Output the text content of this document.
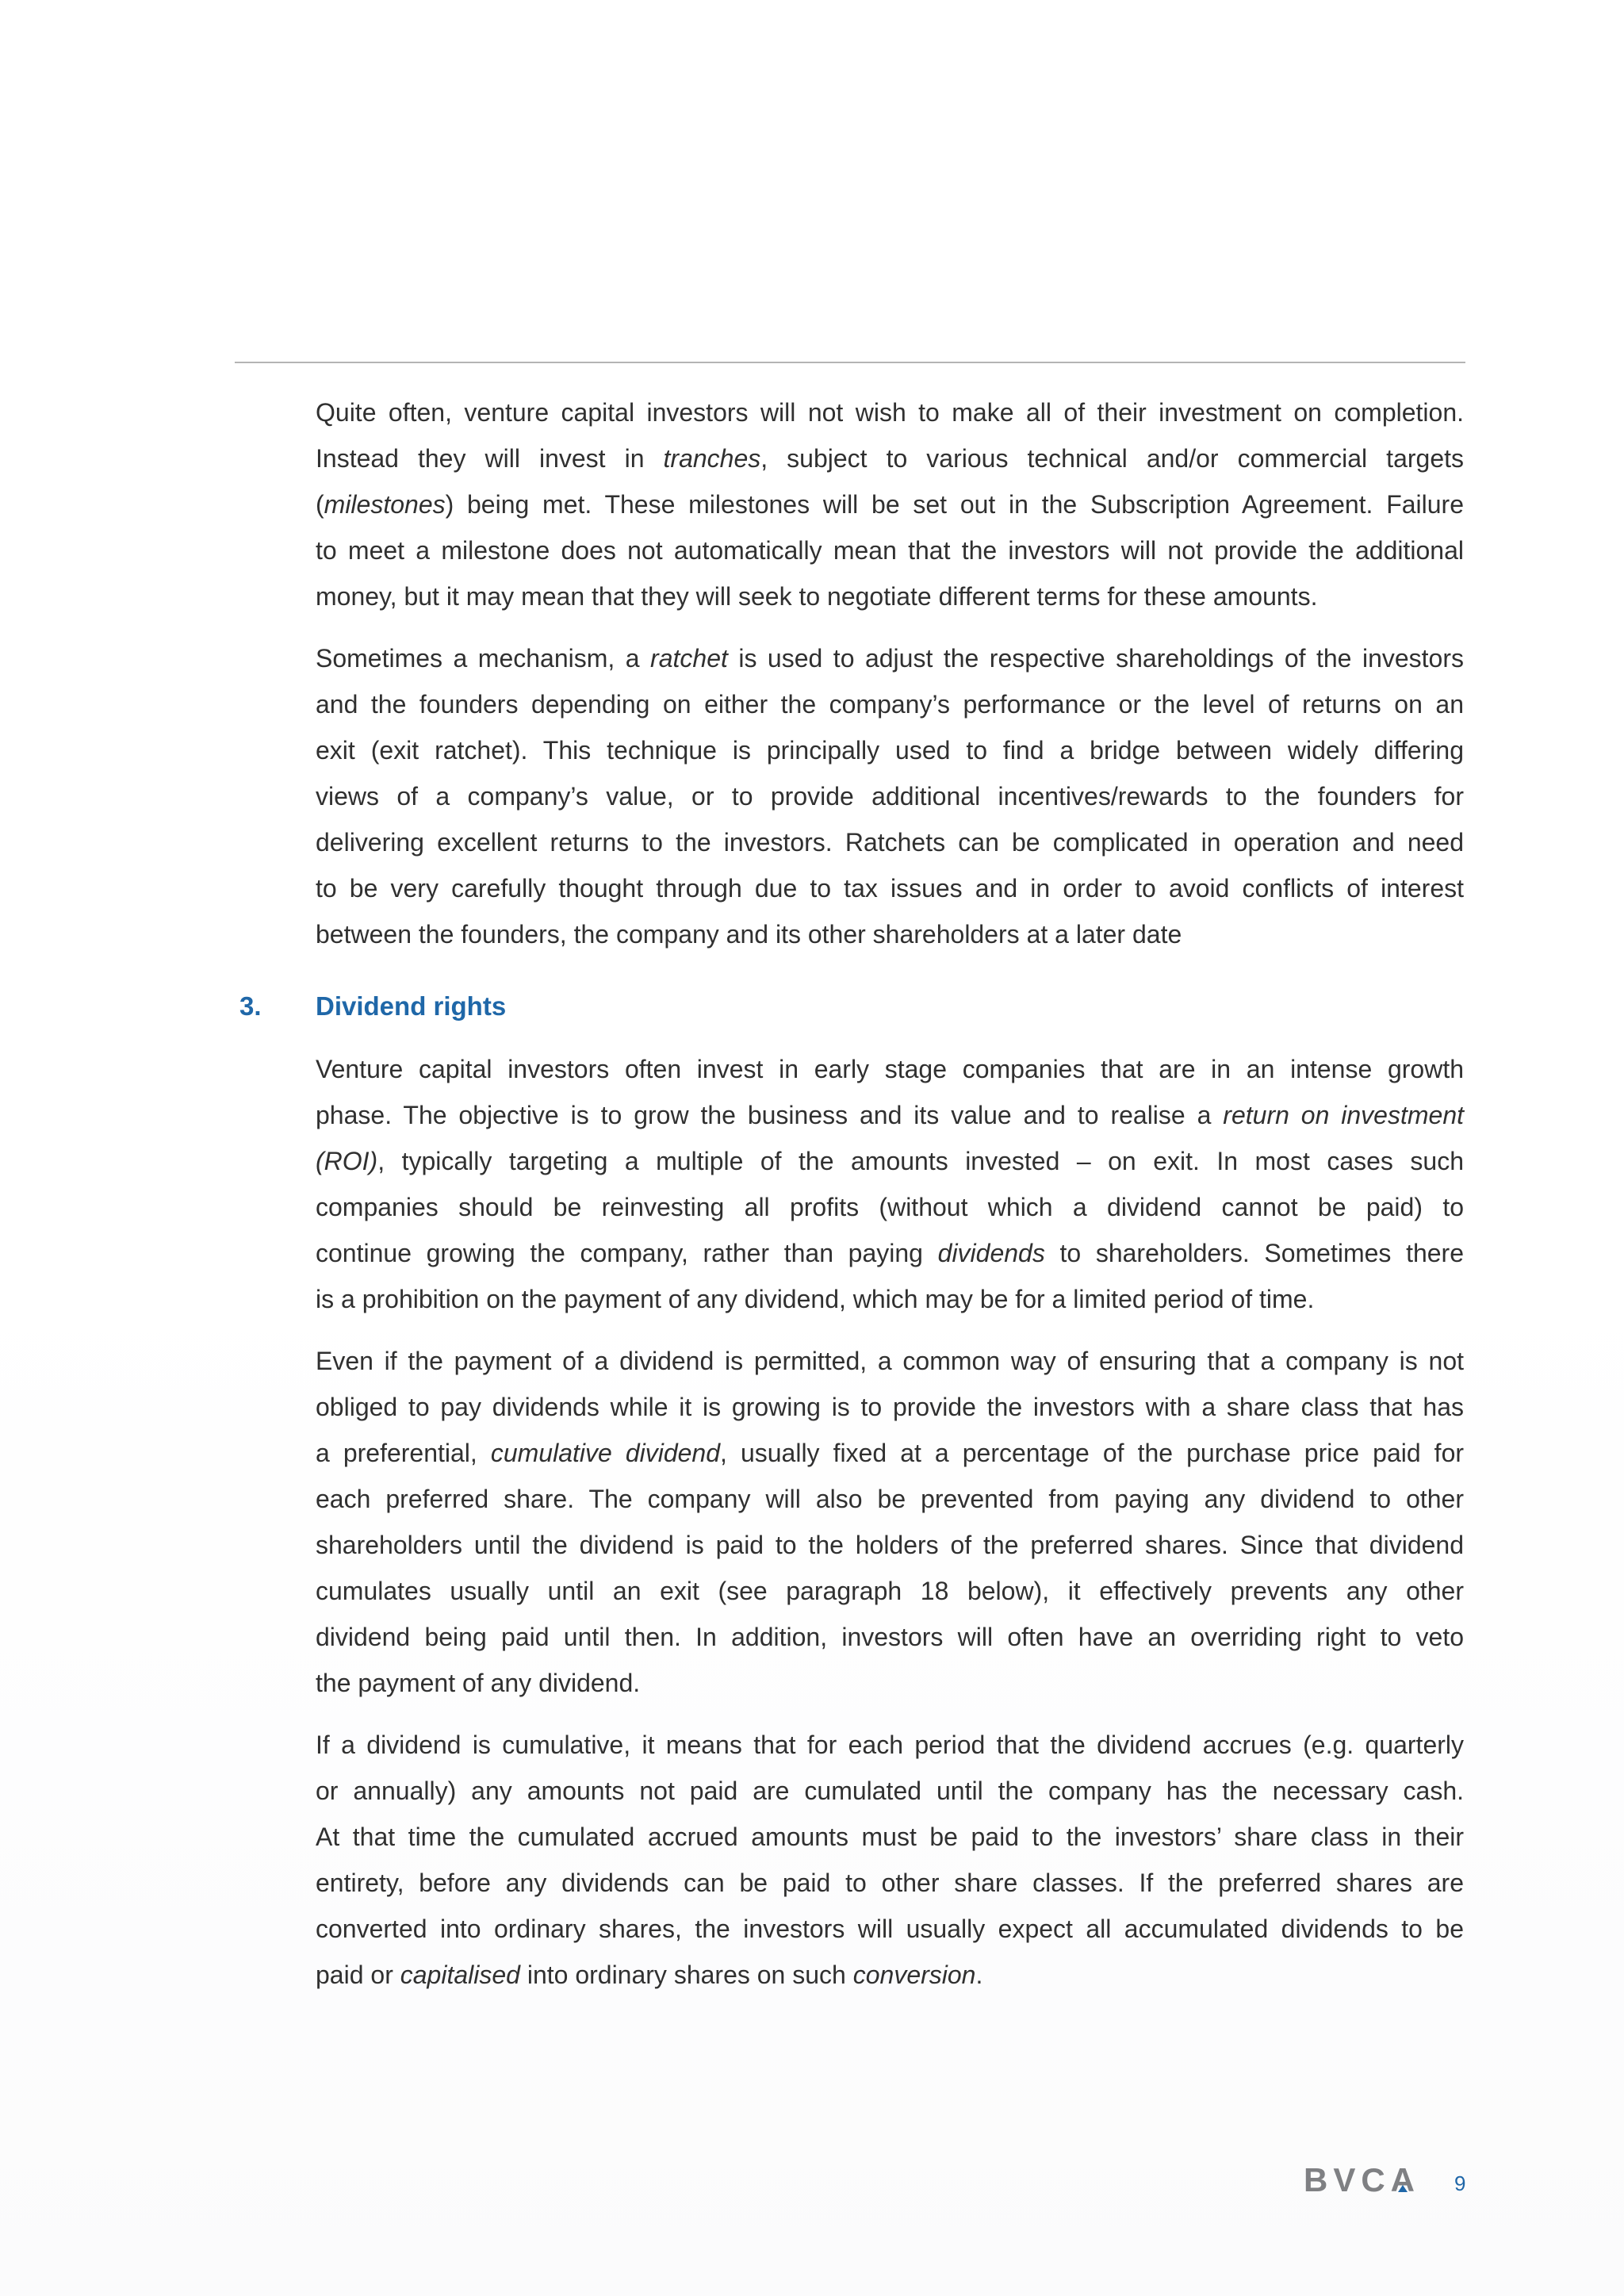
Quite often, venture capital investors will not wish to make all of their investment on completion.
Instead they will invest in tranches, subject to various technical and/or commercial targets
(milestones) being met. These milestones will be set out in the Subscription Agreement. Failure
to meet a milestone does not automatically mean that the investors will not provide the additional
money, but it may mean that they will seek to negotiate different terms for these amounts.
Sometimes a mechanism, a ratchet is used to adjust the respective shareholdings of the investors
and the founders depending on either the company’s performance or the level of returns on an
exit (exit ratchet). This technique is principally used to find a bridge between widely differing
views of a company’s value, or to provide additional incentives/rewards to the founders for
delivering excellent returns to the investors. Ratchets can be complicated in operation and need
to be very carefully thought through due to tax issues and in order to avoid conflicts of interest
between the founders, the company and its other shareholders at a later date
3. Dividend rights
Venture capital investors often invest in early stage companies that are in an intense growth
phase. The objective is to grow the business and its value and to realise a return on investment
(ROI), typically targeting a multiple of the amounts invested – on exit. In most cases such
companies should be reinvesting all profits (without which a dividend cannot be paid) to
continue growing the company, rather than paying dividends to shareholders. Sometimes there
is a prohibition on the payment of any dividend, which may be for a limited period of time.
Even if the payment of a dividend is permitted, a common way of ensuring that a company is not
obliged to pay dividends while it is growing is to provide the investors with a share class that has
a preferential, cumulative dividend, usually fixed at a percentage of the purchase price paid for
each preferred share. The company will also be prevented from paying any dividend to other
shareholders until the dividend is paid to the holders of the preferred shares. Since that dividend
cumulates usually until an exit (see paragraph 18 below), it effectively prevents any other
dividend being paid until then. In addition, investors will often have an overriding right to veto
the payment of any dividend.
If a dividend is cumulative, it means that for each period that the dividend accrues (e.g. quarterly
or annually) any amounts not paid are cumulated until the company has the necessary cash.
At that time the cumulated accrued amounts must be paid to the investors’ share class in their
entirety, before any dividends can be paid to other share classes. If the preferred shares are
converted into ordinary shares, the investors will usually expect all accumulated dividends to be
paid or capitalised into ordinary shares on such conversion.
BVCA 9
